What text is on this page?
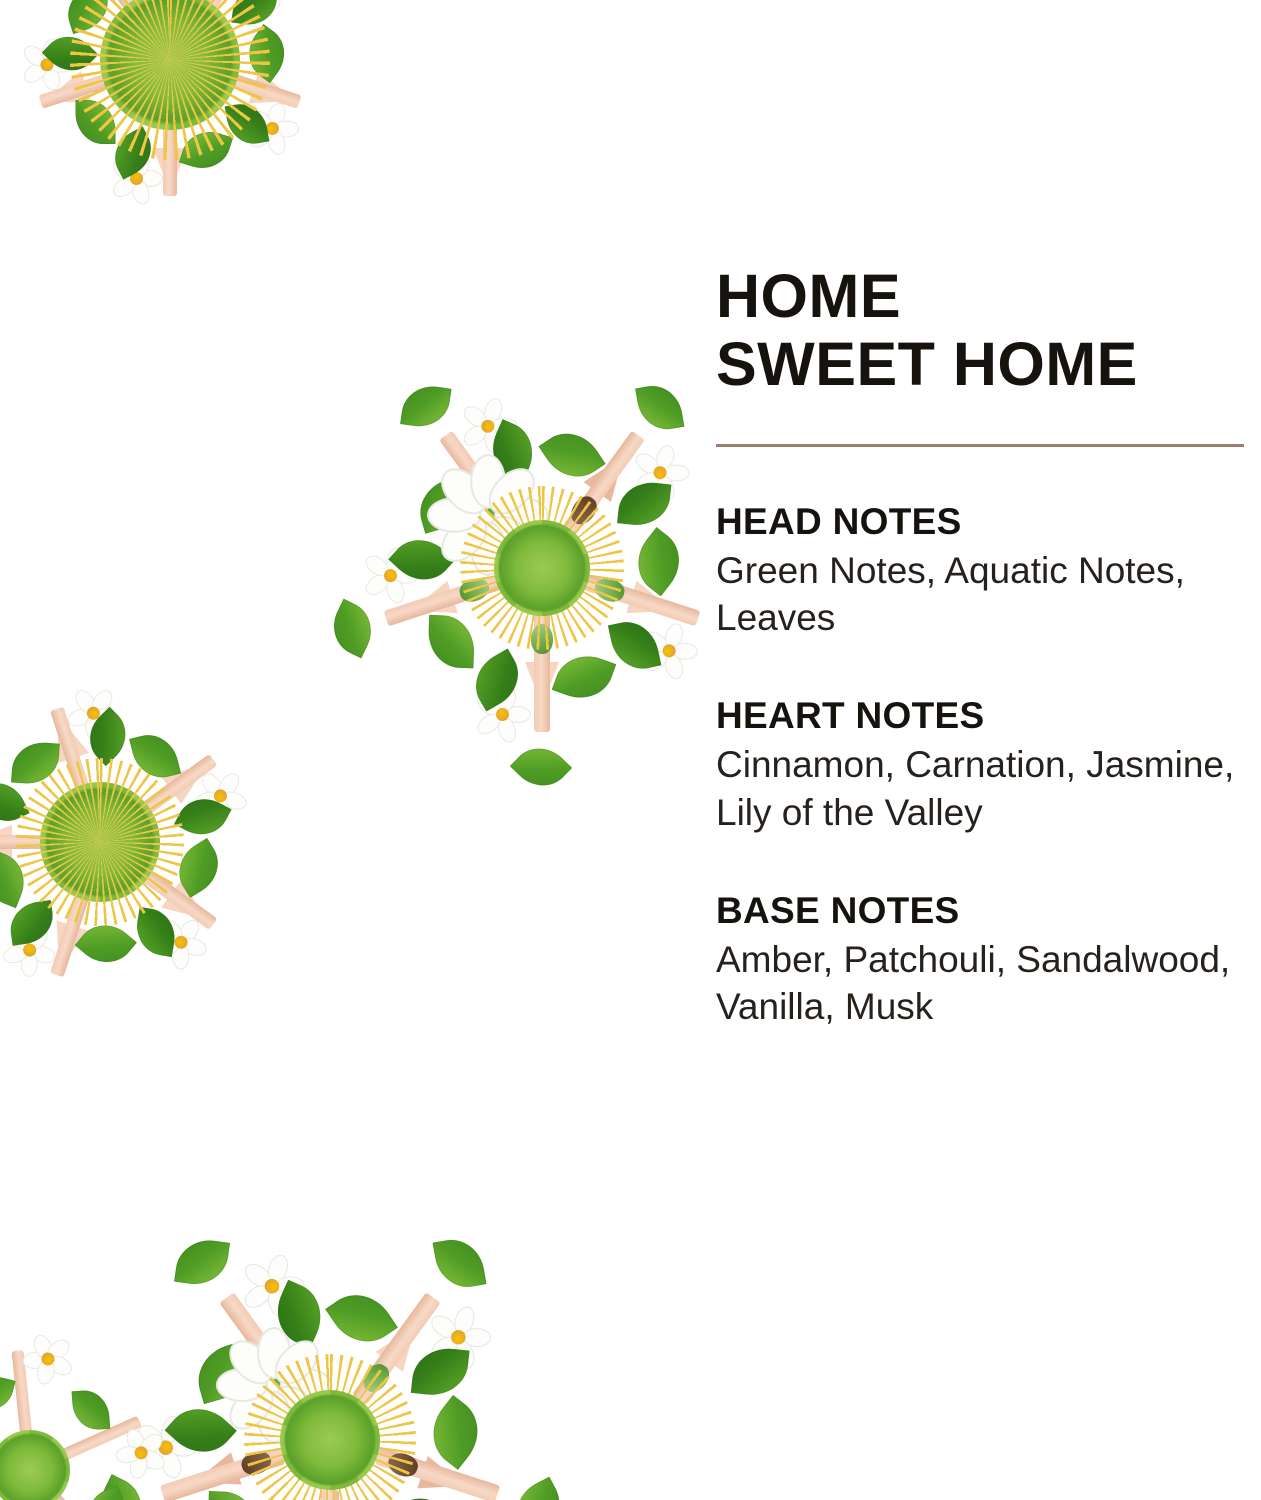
HOME
SWEET HOME
HEAD NOTES

Green Notes, Aquatic Notes, Leaves

HEART NOTES

Cinnamon, Carnation, Jasmine, Lily of the Valley

BASE NOTES

Amber, Patchouli, Sandalwood, Vanilla, Musk
